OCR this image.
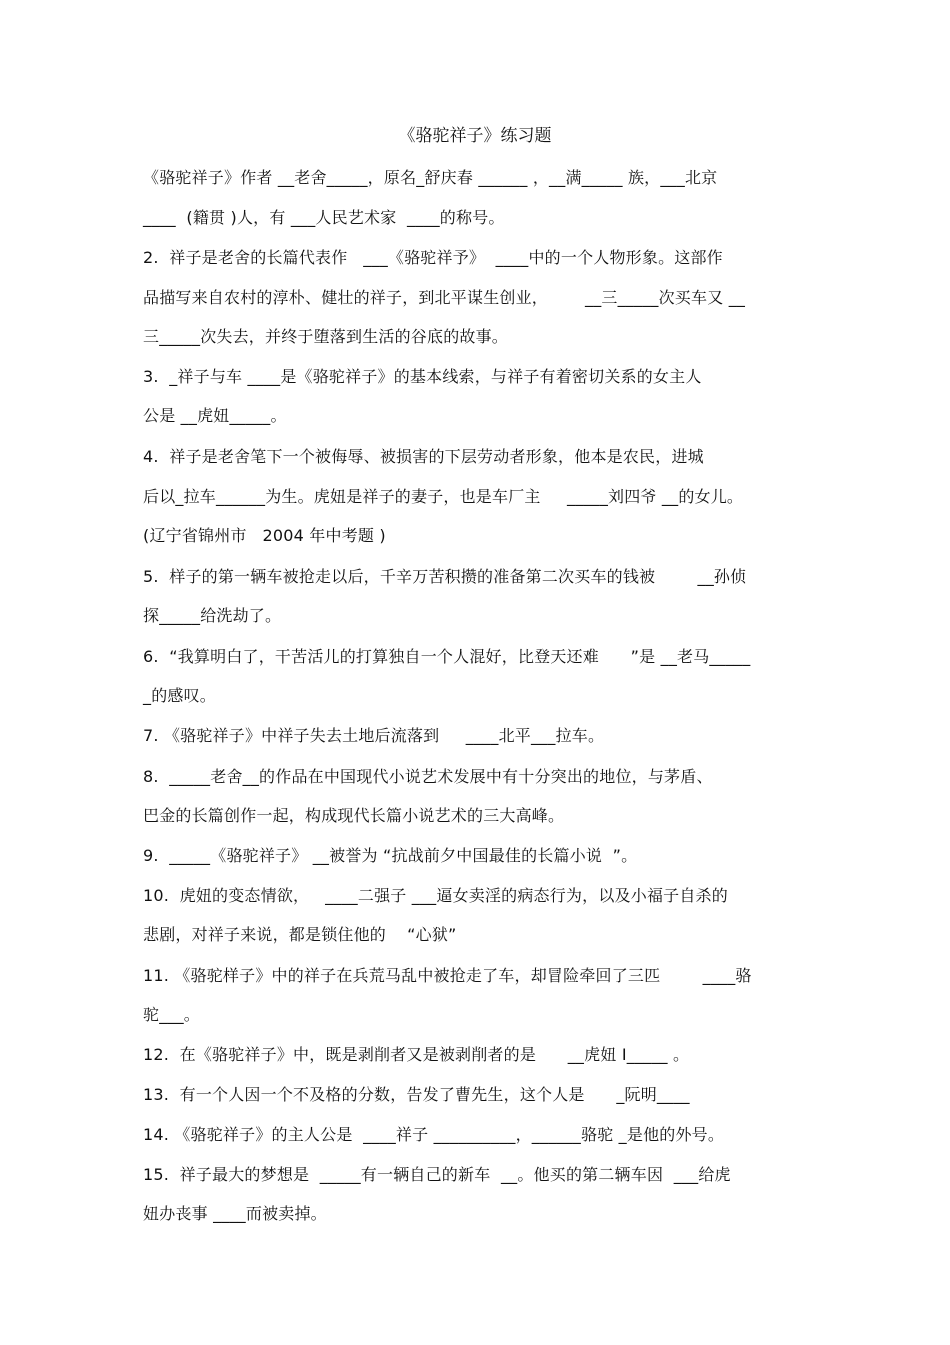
《骆驼祥子》练习题
《骆驼祥子》作者 __老舍_____，原名_舒庆春 ______ ，__满_____ 族，___北京
____  (籍贯 )人，有 ___人民艺术家  ____的称号。
2.  祥子是老舍的长篇代表作   ___《骆驼祥予》  ____中的一个人物形象。这部作
品描写来自农村的淳朴、健壮的祥子，到北平谋生创业，       __三_____次买车又 __
三_____次失去，并终于堕落到生活的谷底的故事。
3.  _祥子与车 ____是《骆驼祥子》的基本线索，与祥子有着密切关系的女主人
公是 __虎妞_____。
4.  祥子是老舍笔下一个被侮辱、被损害的下层劳动者形象，他本是农民，进城
后以_拉车______为生。虎妞是祥子的妻子，也是车厂主     _____刘四爷 __的女儿。
(辽宁省锦州市   2004 年中考题 )
5.  样子的第一辆车被抢走以后，千辛万苦积攒的准备第二次买车的钱被        __孙侦
探_____给洗劫了。
6.  “我算明白了，干苦活儿的打算独自一个人混好，比登天还难      ”是 __老马_____
_的感叹。
7. 《骆驼祥子》中祥子失去土地后流落到     ____北平___拉车。
8.  _____老舍__的作品在中国现代小说艺术发展中有十分突出的地位，与茅盾、
巴金的长篇创作一起，构成现代长篇小说艺术的三大高峰。
9.  _____《骆驼祥子》 __被誉为 “抗战前夕中国最佳的长篇小说  ”。
10.  虎妞的变态情欲，   ____二强子 ___逼女卖淫的病态行为，以及小福子自杀的
悲剧，对祥子来说，都是锁住他的    “心狱”
11. 《骆驼样子》中的祥子在兵荒马乱中被抢走了车，却冒险牵回了三匹        ____骆
驼___。
12.  在《骆驼祥子》中，既是剥削者又是被剥削者的是      __虎妞 I_____ 。
13.  有一个人因一个不及格的分数，告发了曹先生，这个人是      _阮明____
14. 《骆驼祥子》的主人公是  ____祥子 __________，______骆驼 _是他的外号。
15.  祥子最大的梦想是  _____有一辆自己的新车  __。他买的第二辆车因  ___给虎
妞办丧事 ____而被卖掉。
